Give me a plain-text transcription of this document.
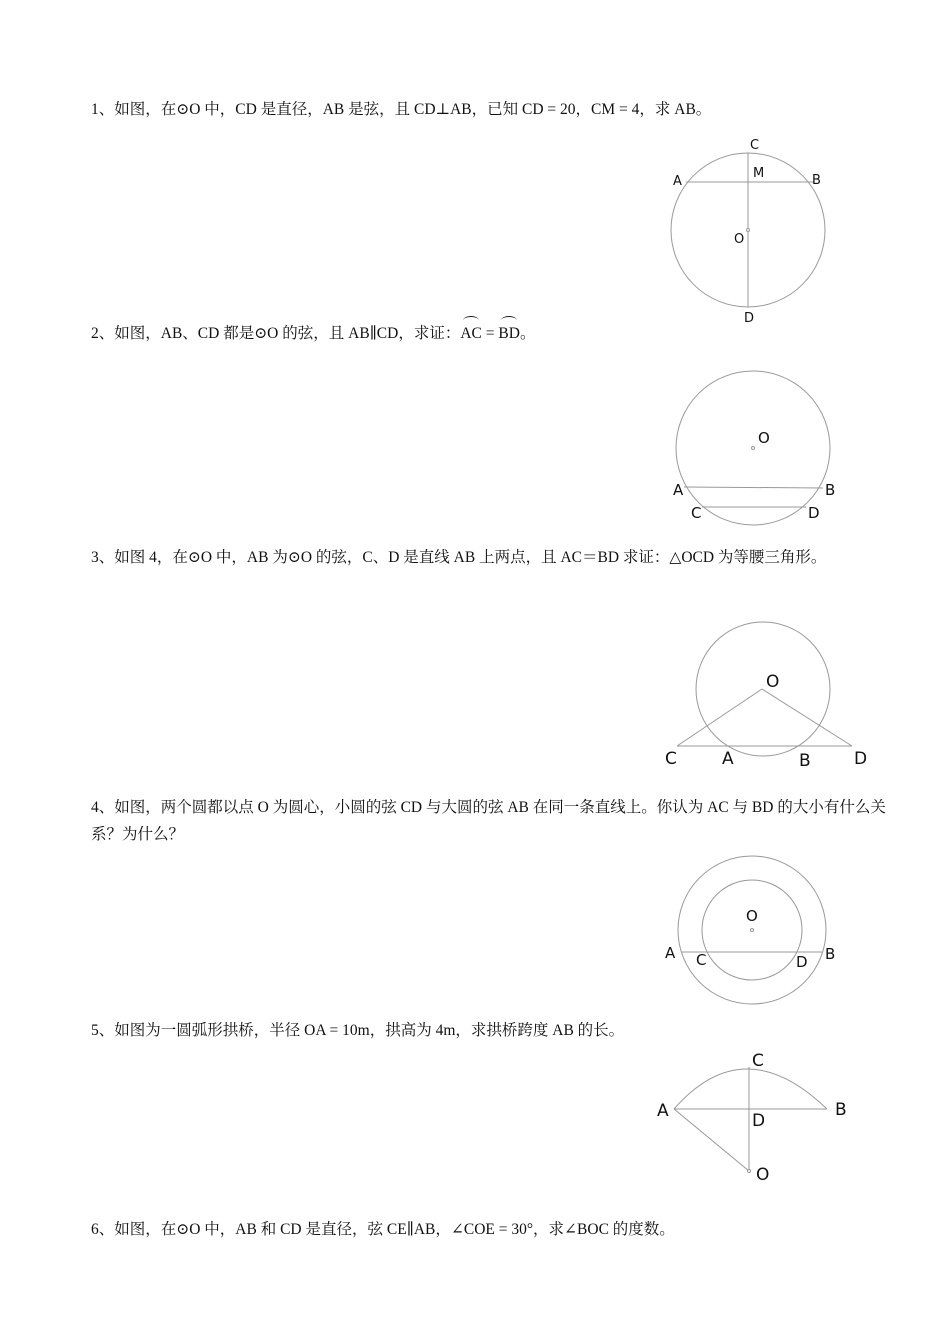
1、如图，在⊙O 中，CD 是直径，AB 是弦，且 CD⊥AB，已知 CD = 20，CM = 4，求 AB。

C
M
A	B
O
D

2、如图，AB、CD 都是⊙O 的弦，且 AB∥CD，求证：AC = BD。

O
A	B
C	D

3、如图 4，在⊙O 中，AB 为⊙O 的弦，C、D 是直线 AB 上两点，且 AC＝BD 求证：△OCD 为等腰三角形。

O
C	A	B	D

4、如图，两个圆都以点 O 为圆心，小圆的弦 CD 与大圆的弦 AB 在同一条直线上。你认为 AC 与 BD 的大小有什么关系？为什么？

O
A C	D B

5、如图为一圆弧形拱桥，半径 OA = 10m，拱高为 4m，求拱桥跨度 AB 的长。

C
A	B
D
O

6、如图，在⊙O 中，AB 和 CD 是直径，弦 CE∥AB，∠COE = 30°，求∠BOC 的度数。
